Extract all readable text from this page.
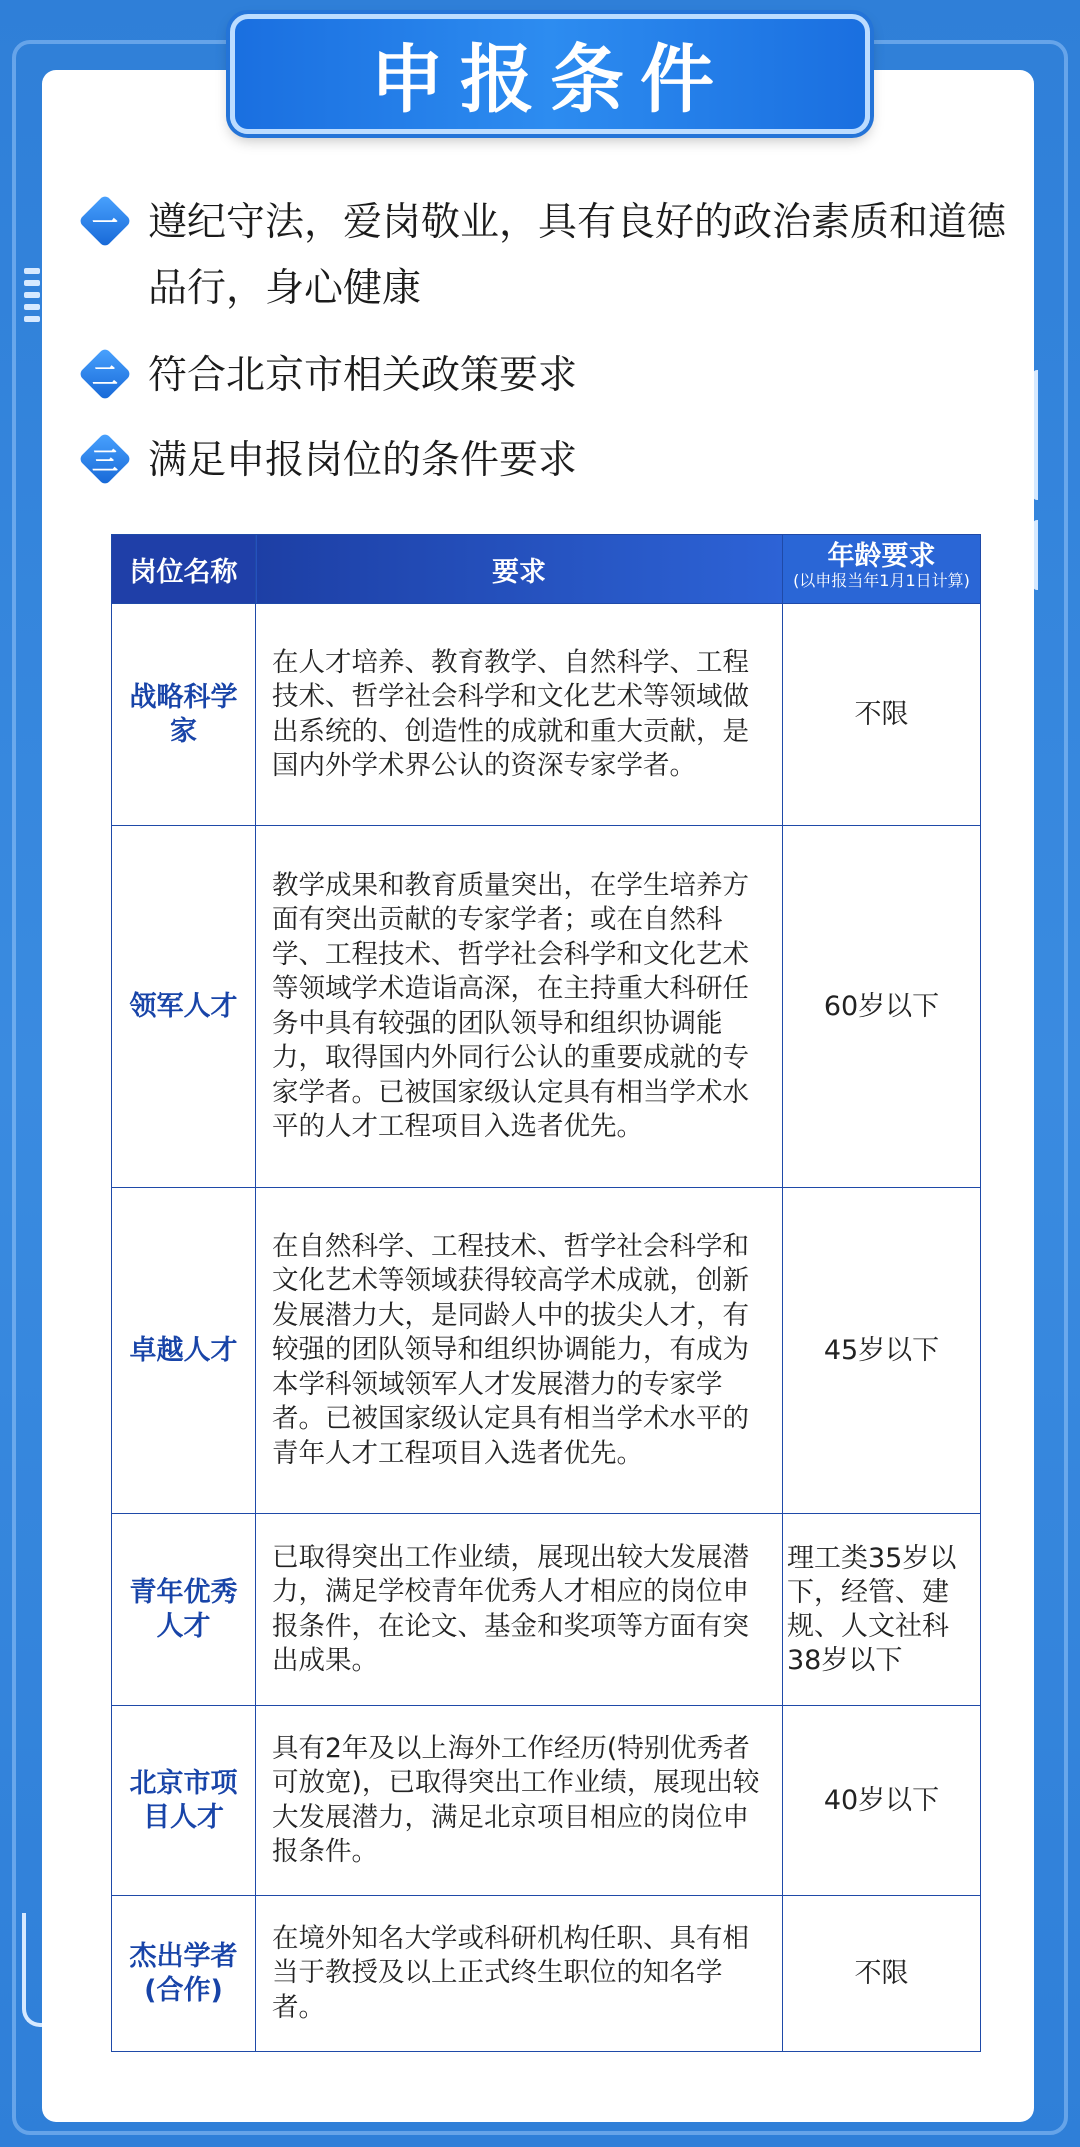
申报条件
一 遵纪守法，爱岗敬业，具有良好的政治素质和道德品行，身心健康
二 符合北京市相关政策要求
三 满足申报岗位的条件要求
岗位名称	要求	年龄要求
(以申报当年1月1日计算)

战略科学家	在人才培养、教育教学、自然科学、工程技术、哲学社会科学和文化艺术等领域做出系统的、创造性的成就和重大贡献，是国内外学术界公认的资深专家学者。	不限
领军人才	教学成果和教育质量突出，在学生培养方面有突出贡献的专家学者；或在自然科学、工程技术、哲学社会科学和文化艺术等领域学术造诣高深，在主持重大科研任务中具有较强的团队领导和组织协调能力，取得国内外同行公认的重要成就的专家学者。已被国家级认定具有相当学术水平的人才工程项目入选者优先。	60岁以下
卓越人才	在自然科学、工程技术、哲学社会科学和文化艺术等领域获得较高学术成就，创新发展潜力大，是同龄人中的拔尖人才，有较强的团队领导和组织协调能力，有成为本学科领域领军人才发展潜力的专家学者。已被国家级认定具有相当学术水平的青年人才工程项目入选者优先。	45岁以下
青年优秀人才	已取得突出工作业绩，展现出较大发展潜力，满足学校青年优秀人才相应的岗位申报条件，在论文、基金和奖项等方面有突出成果。	理工类35岁以下，经管、建规、人文社科38岁以下
北京市项目人才	具有2年及以上海外工作经历(特别优秀者可放宽)，已取得突出工作业绩，展现出较大发展潜力，满足北京项目相应的岗位申报条件。	40岁以下
杰出学者(合作)	在境外知名大学或科研机构任职、具有相当于教授及以上正式终生职位的知名学者。	不限
